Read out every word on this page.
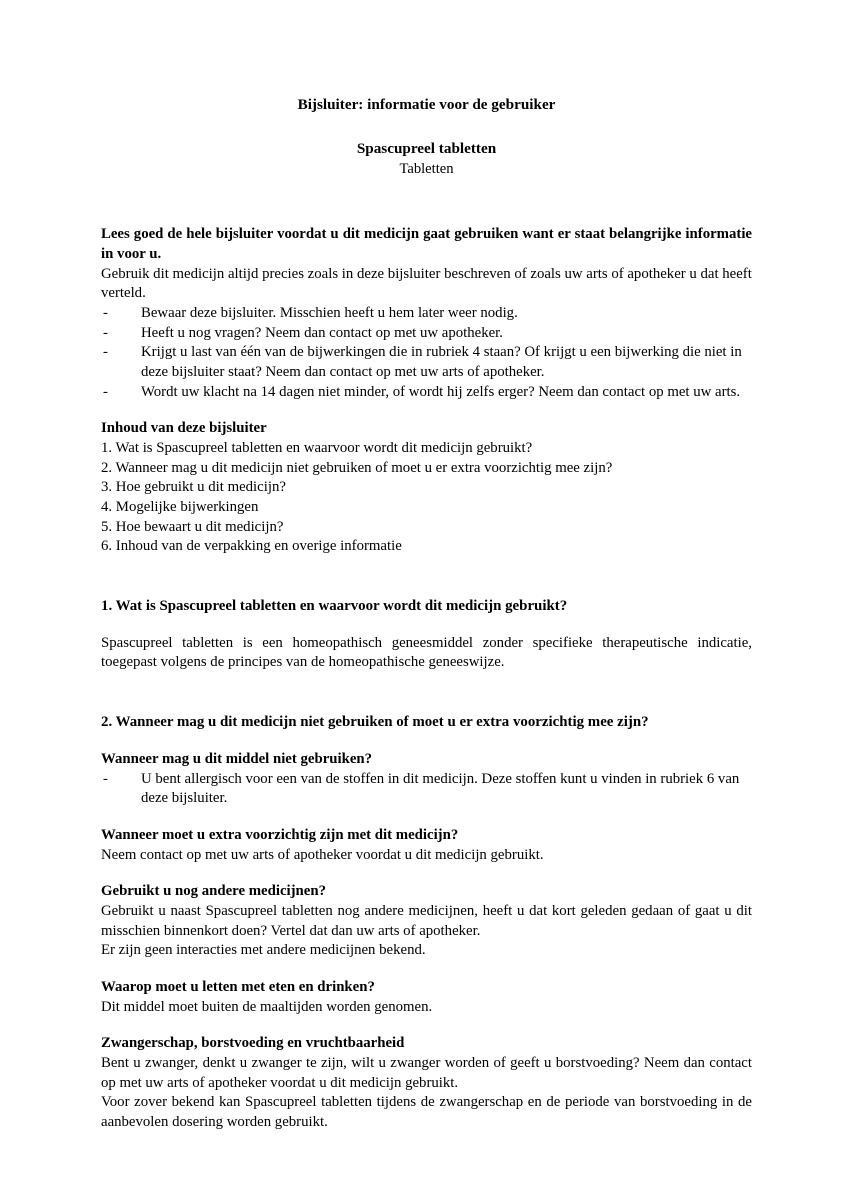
Bijsluiter: informatie voor de gebruiker

Spascupreel tabletten

Tabletten

Lees goed de hele bijsluiter voordat u dit medicijn gaat gebruiken want er staat belangrijke informatie in voor u.

Gebruik dit medicijn altijd precies zoals in deze bijsluiter beschreven of zoals uw arts of apotheker u dat heeft verteld.

- Bewaar deze bijsluiter. Misschien heeft u hem later weer nodig.
- Heeft u nog vragen? Neem dan contact op met uw apotheker.
- Krijgt u last van één van de bijwerkingen die in rubriek 4 staan? Of krijgt u een bijwerking die niet in deze bijsluiter staat? Neem dan contact op met uw arts of apotheker.
- Wordt uw klacht na 14 dagen niet minder, of wordt hij zelfs erger? Neem dan contact op met uw arts.

Inhoud van deze bijsluiter

1. Wat is Spascupreel tabletten en waarvoor wordt dit medicijn gebruikt?

2. Wanneer mag u dit medicijn niet gebruiken of moet u er extra voorzichtig mee zijn?

3. Hoe gebruikt u dit medicijn?

4. Mogelijke bijwerkingen

5. Hoe bewaart u dit medicijn?

6. Inhoud van de verpakking en overige informatie

1. Wat is Spascupreel tabletten en waarvoor wordt dit medicijn gebruikt?

Spascupreel tabletten is een homeopathisch geneesmiddel zonder specifieke therapeutische indicatie, toegepast volgens de principes van de homeopathische geneeswijze.

2. Wanneer mag u dit medicijn niet gebruiken of moet u er extra voorzichtig mee zijn?

Wanneer mag u dit middel niet gebruiken?

- U bent allergisch voor een van de stoffen in dit medicijn. Deze stoffen kunt u vinden in rubriek 6 van deze bijsluiter.

Wanneer moet u extra voorzichtig zijn met dit medicijn?

Neem contact op met uw arts of apotheker voordat u dit medicijn gebruikt.

Gebruikt u nog andere medicijnen?

Gebruikt u naast Spascupreel tabletten nog andere medicijnen, heeft u dat kort geleden gedaan of gaat u dit misschien binnenkort doen? Vertel dat dan uw arts of apotheker.

Er zijn geen interacties met andere medicijnen bekend.

Waarop moet u letten met eten en drinken?

Dit middel moet buiten de maaltijden worden genomen.

Zwangerschap, borstvoeding en vruchtbaarheid

Bent u zwanger, denkt u zwanger te zijn, wilt u zwanger worden of geeft u borstvoeding? Neem dan contact op met uw arts of apotheker voordat u dit medicijn gebruikt.

Voor zover bekend kan Spascupreel tabletten tijdens de zwangerschap en de periode van borstvoeding in de aanbevolen dosering worden gebruikt.
